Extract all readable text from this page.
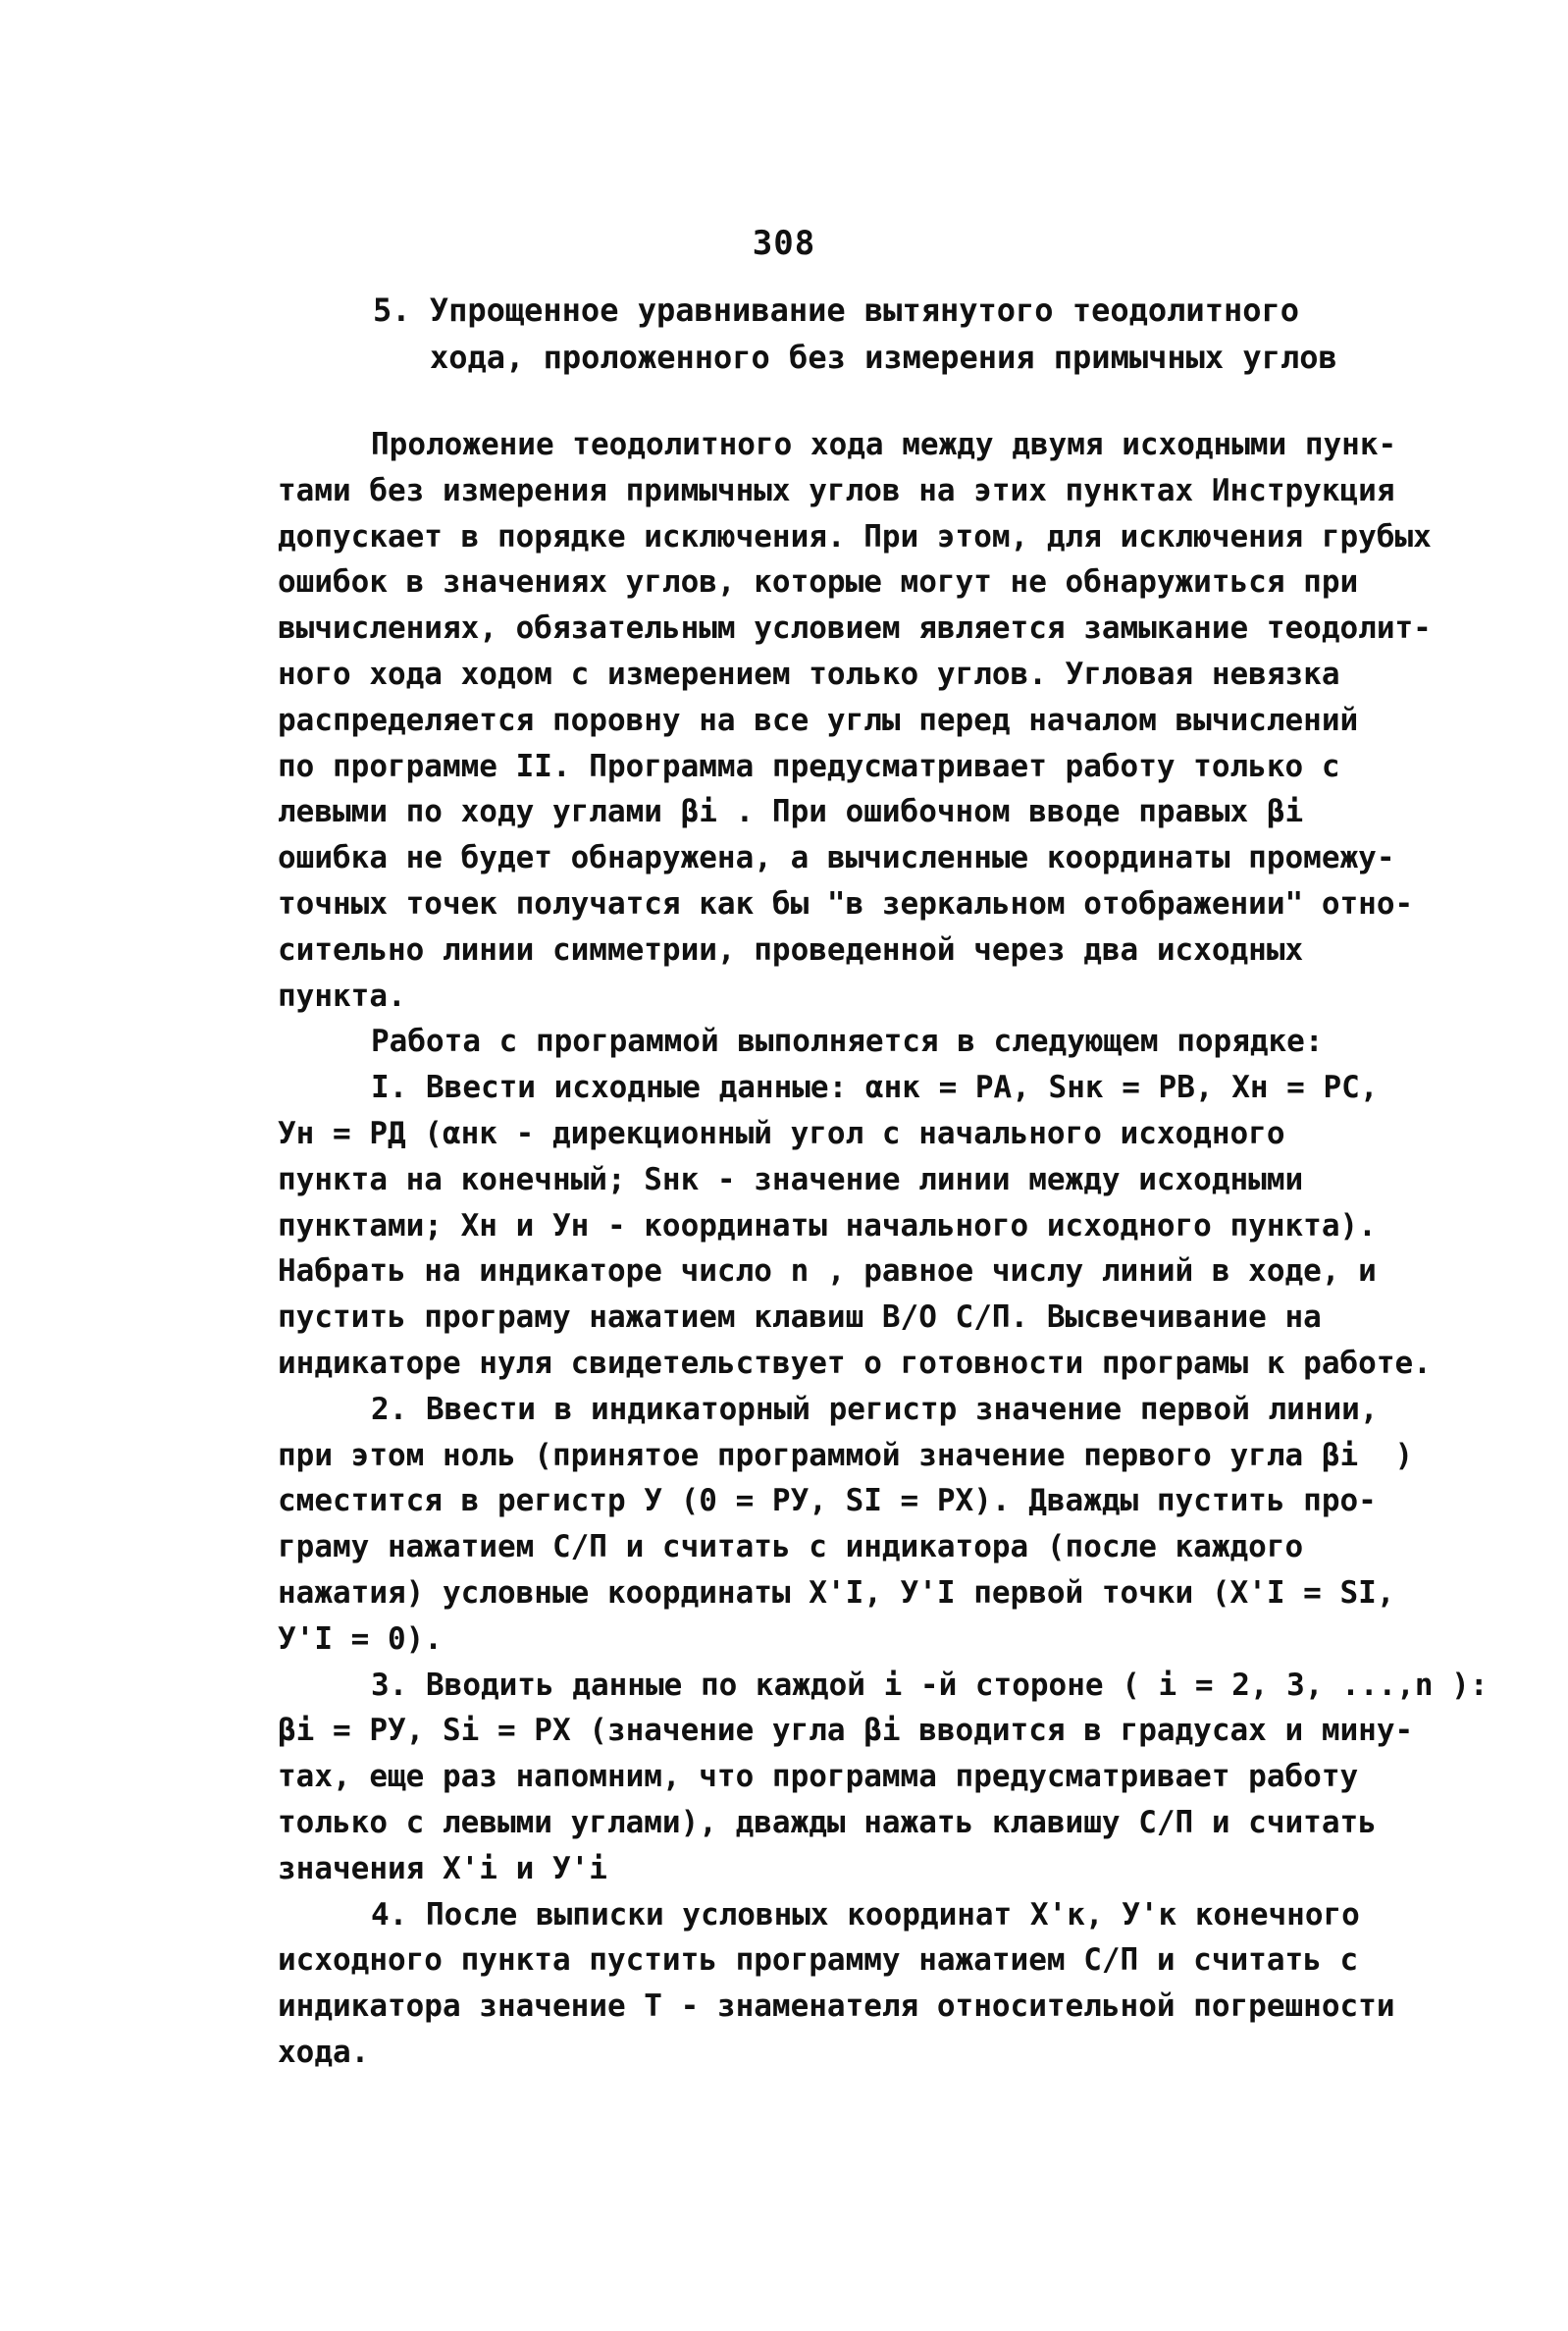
308
5. Упрощенное уравнивание вытянутого теодолитного
хода, проложенного без измерения примычных углов
Проложение теодолитного хода между двумя исходными пунк-
тами без измерения примычных углов на этих пунктах Инструкция
допускает в порядке исключения. При этом, для исключения грубых
ошибок в значениях углов, которые могут не обнаружиться при
вычислениях, обязательным условием является замыкание теодолит-
ного хода ходом с измерением только углов. Угловая невязка
распределяется поровну на все углы перед началом вычислений
по программе II. Программа предусматривает работу только с
левыми по ходу углами βi . При ошибочном вводе правых βi
ошибка не будет обнаружена, а вычисленные координаты промежу-
точных точек получатся как бы "в зеркальном отображении" отно-
сительно линии симметрии, проведенной через два исходных
пункта.
Работа с программой выполняется в следующем порядке:
I. Ввести исходные данные: αнк = РА, Sнк = РВ, Xн = РС,
Ун = РД (αнк - дирекционный угол с начального исходного
пункта на конечный; Sнк - значение линии между исходными
пунктами; Xн и Ун - координаты начального исходного пункта).
Набрать на индикаторе число n , равное числу линий в ходе, и
пустить програму нажатием клавиш В/О С/П. Высвечивание на
индикаторе нуля свидетельствует о готовности програмы к работе.
2. Ввести в индикаторный регистр значение первой линии,
при этом ноль (принятое программой значение первого угла βi  )
сместится в регистр У (0 = РУ, SI = РХ). Дважды пустить про-
граму нажатием С/П и считать с индикатора (после каждого
нажатия) условные координаты X'I, У'I первой точки (X'I = SI,
У'I = 0).
3. Вводить данные по каждой i -й стороне ( i = 2, 3, ...,n ):
βi = РУ, Si = РХ (значение угла βi вводится в градусах и мину-
тах, еще раз напомним, что программа предусматривает работу
только с левыми углами), дважды нажать клавишу С/П и считать
значения X'i и У'i
4. После выписки условных координат X'к, У'к конечного
исходного пункта пустить программу нажатием С/П и считать с
индикатора значение Т - знаменателя относительной погрешности
хода.
